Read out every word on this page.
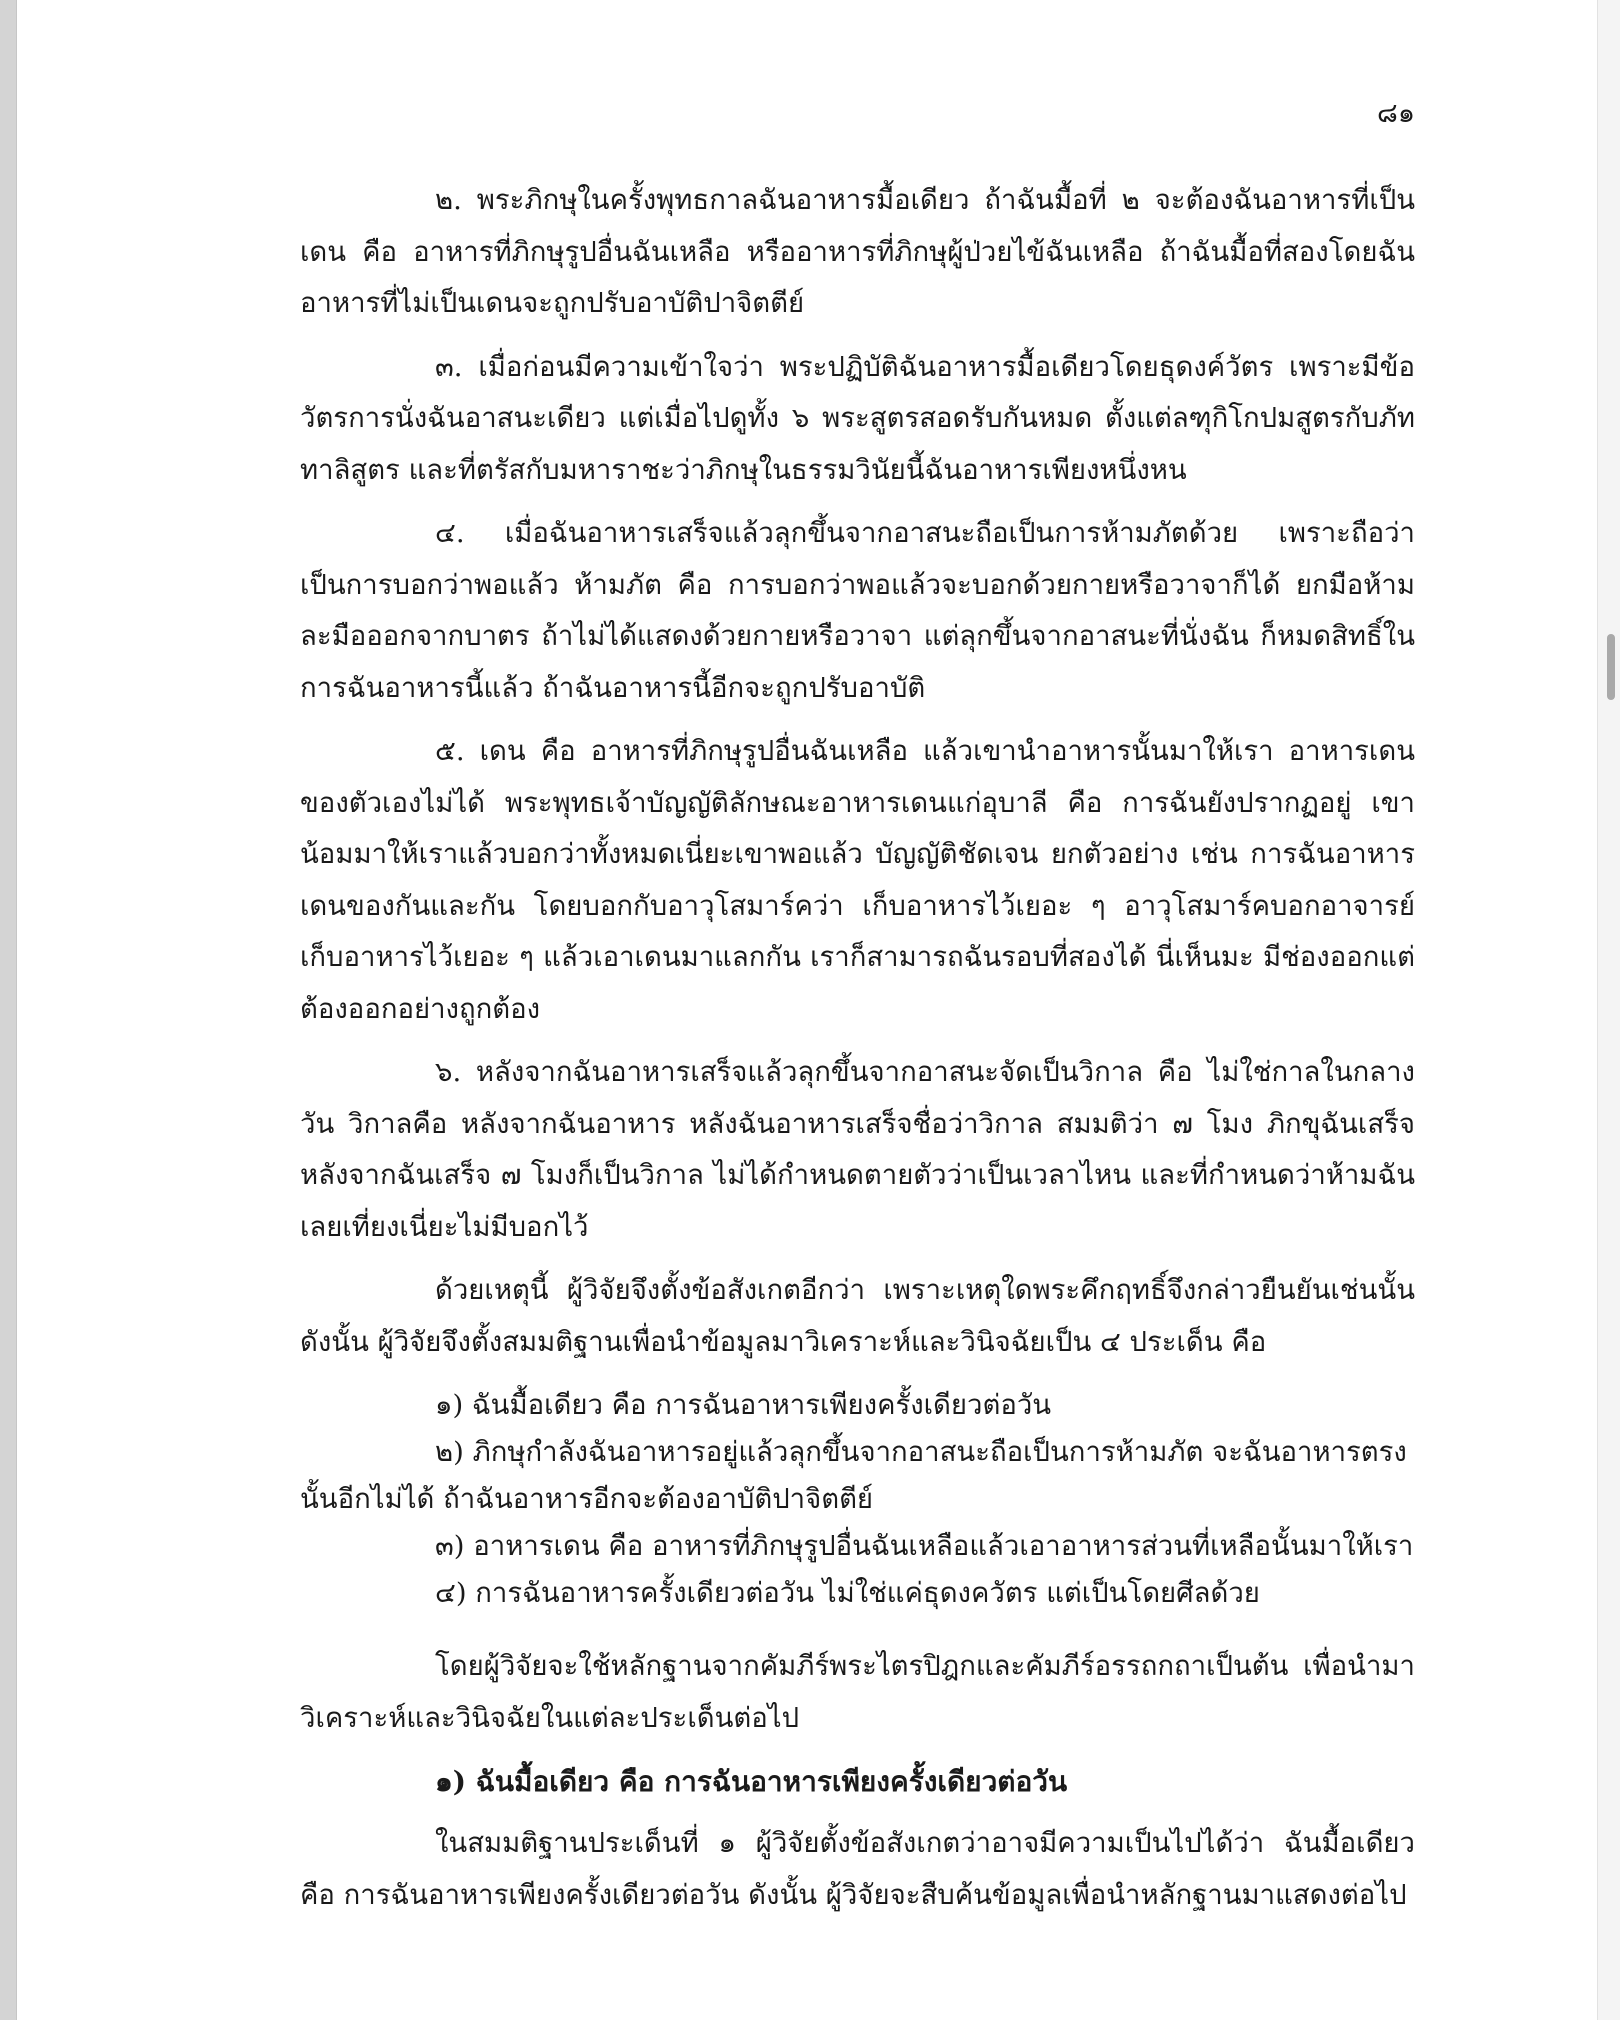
๘๑

๒. พระภิกษุในครั้งพุทธกาลฉันอาหารมื้อเดียว ถ้าฉันมื้อที่ ๒ จะต้องฉันอาหารที่เป็นเดน คือ อาหารที่ภิกษุรูปอื่นฉันเหลือ หรืออาหารที่ภิกษุผู้ป่วยไข้ฉันเหลือ ถ้าฉันมื้อที่สองโดยฉันอาหารที่ไม่เป็นเดนจะถูกปรับอาบัติปาจิตตีย์

๓. เมื่อก่อนมีความเข้าใจว่า พระปฏิบัติฉันอาหารมื้อเดียวโดยธุดงค์วัตร เพราะมีข้อวัตรการนั่งฉันอาสนะเดียว แต่เมื่อไปดูทั้ง ๖ พระสูตรสอดรับกันหมด ตั้งแต่ลฑุกิโกปมสูตรกับภัททาลิสูตร และที่ตรัสกับมหาราชะว่าภิกษุในธรรมวินัยนี้ฉันอาหารเพียงหนึ่งหน

๔. เมื่อฉันอาหารเสร็จแล้วลุกขึ้นจากอาสนะถือเป็นการห้ามภัตด้วย เพราะถือว่าเป็นการบอกว่าพอแล้ว ห้ามภัต คือ การบอกว่าพอแล้วจะบอกด้วยกายหรือวาจาก็ได้ ยกมือห้าม ละมือออกจากบาตร ถ้าไม่ได้แสดงด้วยกายหรือวาจา แต่ลุกขึ้นจากอาสนะที่นั่งฉัน ก็หมดสิทธิ์ในการฉันอาหารนี้แล้ว ถ้าฉันอาหารนี้อีกจะถูกปรับอาบัติ

๕. เดน คือ อาหารที่ภิกษุรูปอื่นฉันเหลือ แล้วเขานำอาหารนั้นมาให้เรา อาหารเดนของตัวเองไม่ได้ พระพุทธเจ้าบัญญัติลักษณะอาหารเดนแก่อุบาลี คือ การฉันยังปรากฏอยู่ เขาน้อมมาให้เราแล้วบอกว่าทั้งหมดเนี่ยะเขาพอแล้ว บัญญัติชัดเจน ยกตัวอย่าง เช่น การฉันอาหารเดนของกันและกัน โดยบอกกับอาวุโสมาร์คว่า เก็บอาหารไว้เยอะ ๆ อาวุโสมาร์คบอกอาจารย์ เก็บอาหารไว้เยอะ ๆ แล้วเอาเดนมาแลกกัน เราก็สามารถฉันรอบที่สองได้ นี่เห็นมะ มีช่องออกแต่ต้องออกอย่างถูกต้อง

๖. หลังจากฉันอาหารเสร็จแล้วลุกขึ้นจากอาสนะจัดเป็นวิกาล คือ ไม่ใช่กาลในกลางวัน วิกาลคือ หลังจากฉันอาหาร หลังฉันอาหารเสร็จชื่อว่าวิกาล สมมติว่า ๗ โมง ภิกขุฉันเสร็จ หลังจากฉันเสร็จ ๗ โมงก็เป็นวิกาล ไม่ได้กำหนดตายตัวว่าเป็นเวลาไหน และที่กำหนดว่าห้ามฉันเลยเที่ยงเนี่ยะไม่มีบอกไว้

ด้วยเหตุนี้ ผู้วิจัยจึงตั้งข้อสังเกตอีกว่า เพราะเหตุใดพระคึกฤทธิ์จึงกล่าวยืนยันเช่นนั้น ดังนั้น ผู้วิจัยจึงตั้งสมมติฐานเพื่อนำข้อมูลมาวิเคราะห์และวินิจฉัยเป็น ๔ ประเด็น คือ

๑) ฉันมื้อเดียว คือ การฉันอาหารเพียงครั้งเดียวต่อวัน

๒) ภิกษุกำลังฉันอาหารอยู่แล้วลุกขึ้นจากอาสนะถือเป็นการห้ามภัต จะฉันอาหารตรงนั้นอีกไม่ได้ ถ้าฉันอาหารอีกจะต้องอาบัติปาจิตตีย์

๓) อาหารเดน คือ อาหารที่ภิกษุรูปอื่นฉันเหลือแล้วเอาอาหารส่วนที่เหลือนั้นมาให้เรา

๔) การฉันอาหารครั้งเดียวต่อวัน ไม่ใช่แค่ธุดงควัตร แต่เป็นโดยศีลด้วย

โดยผู้วิจัยจะใช้หลักฐานจากคัมภีร์พระไตรปิฎกและคัมภีร์อรรถกถาเป็นต้น เพื่อนำมาวิเคราะห์และวินิจฉัยในแต่ละประเด็นต่อไป

๑) ฉันมื้อเดียว คือ การฉันอาหารเพียงครั้งเดียวต่อวัน

ในสมมติฐานประเด็นที่ ๑ ผู้วิจัยตั้งข้อสังเกตว่าอาจมีความเป็นไปได้ว่า ฉันมื้อเดียว คือ การฉันอาหารเพียงครั้งเดียวต่อวัน ดังนั้น ผู้วิจัยจะสืบค้นข้อมูลเพื่อนำหลักฐานมาแสดงต่อไป
